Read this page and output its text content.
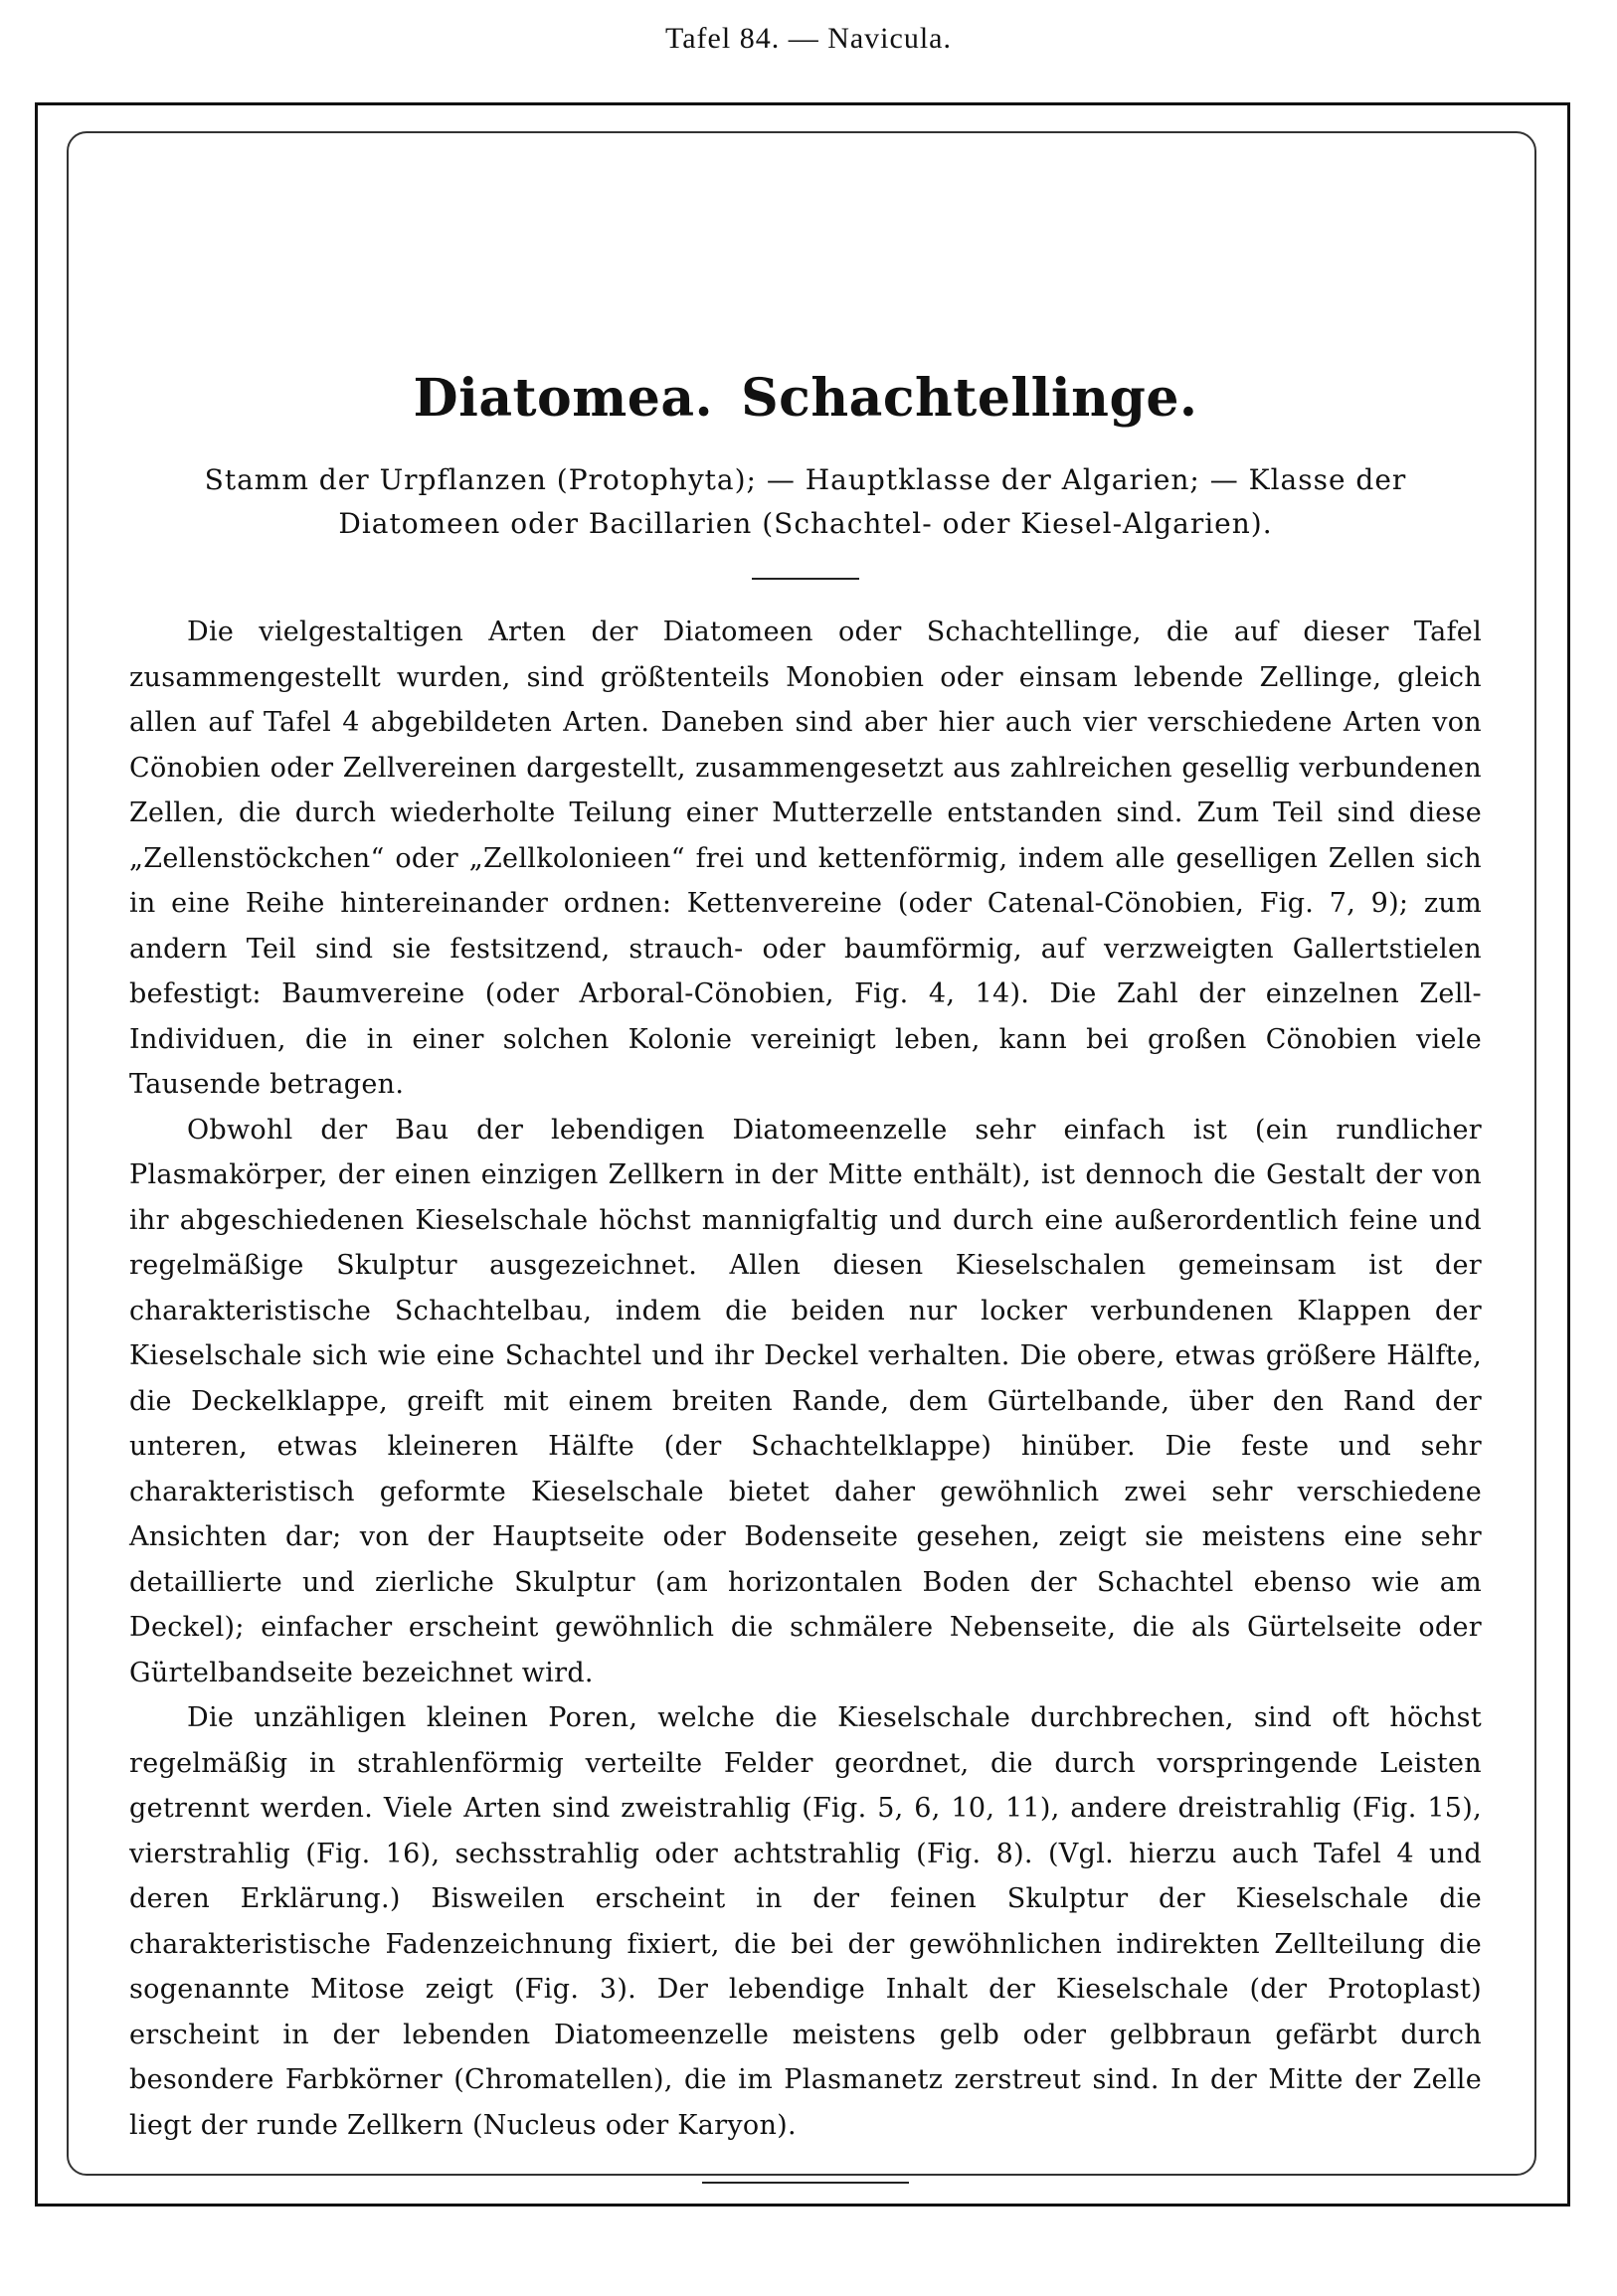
Tafel 84. — Navicula.
Diatomea. Schachtellinge.

Stamm der Urpflanzen (Protophyta); — Hauptklasse der Algarien; — Klasse der Diatomeen oder Bacillarien (Schachtel- oder Kiesel-Algarien).

Die vielgestaltigen Arten der Diatomeen oder Schachtellinge, die auf dieser Tafel zusammengestellt wurden, sind größtenteils Monobien oder einsam lebende Zellinge, gleich allen auf Tafel 4 abgebildeten Arten. Daneben sind aber hier auch vier verschiedene Arten von Cönobien oder Zellvereinen dargestellt, zusammengesetzt aus zahlreichen gesellig verbundenen Zellen, die durch wiederholte Teilung einer Mutterzelle entstanden sind. Zum Teil sind diese „Zellenstöckchen“ oder „Zellkolonieen“ frei und kettenförmig, indem alle geselligen Zellen sich in eine Reihe hintereinander ordnen: Kettenvereine (oder Catenal-Cönobien, Fig. 7, 9); zum andern Teil sind sie festsitzend, strauch- oder baumförmig, auf verzweigten Gallertstielen befestigt: Baumvereine (oder Arboral-Cönobien, Fig. 4, 14). Die Zahl der einzelnen Zell-Individuen, die in einer solchen Kolonie vereinigt leben, kann bei großen Cönobien viele Tausende betragen.

Obwohl der Bau der lebendigen Diatomeenzelle sehr einfach ist (ein rundlicher Plasmakörper, der einen einzigen Zellkern in der Mitte enthält), ist dennoch die Gestalt der von ihr abgeschiedenen Kieselschale höchst mannigfaltig und durch eine außerordentlich feine und regelmäßige Skulptur ausgezeichnet. Allen diesen Kieselschalen gemeinsam ist der charakteristische Schachtelbau, indem die beiden nur locker verbundenen Klappen der Kieselschale sich wie eine Schachtel und ihr Deckel verhalten. Die obere, etwas größere Hälfte, die Deckelklappe, greift mit einem breiten Rande, dem Gürtelbande, über den Rand der unteren, etwas kleineren Hälfte (der Schachtelklappe) hinüber. Die feste und sehr charakteristisch geformte Kieselschale bietet daher gewöhnlich zwei sehr verschiedene Ansichten dar; von der Hauptseite oder Bodenseite gesehen, zeigt sie meistens eine sehr detaillierte und zierliche Skulptur (am horizontalen Boden der Schachtel ebenso wie am Deckel); einfacher erscheint gewöhnlich die schmälere Nebenseite, die als Gürtelseite oder Gürtelbandseite bezeichnet wird.

Die unzähligen kleinen Poren, welche die Kieselschale durchbrechen, sind oft höchst regelmäßig in strahlenförmig verteilte Felder geordnet, die durch vorspringende Leisten getrennt werden. Viele Arten sind zweistrahlig (Fig. 5, 6, 10, 11), andere dreistrahlig (Fig. 15), vierstrahlig (Fig. 16), sechsstrahlig oder achtstrahlig (Fig. 8). (Vgl. hierzu auch Tafel 4 und deren Erklärung.) Bisweilen erscheint in der feinen Skulptur der Kieselschale die charakteristische Fadenzeichnung fixiert, die bei der gewöhnlichen indirekten Zellteilung die sogenannte Mitose zeigt (Fig. 3). Der lebendige Inhalt der Kieselschale (der Protoplast) erscheint in der lebenden Diatomeenzelle meistens gelb oder gelbbraun gefärbt durch besondere Farbkörner (Chromatellen), die im Plasmanetz zerstreut sind. In der Mitte der Zelle liegt der runde Zellkern (Nucleus oder Karyon).
